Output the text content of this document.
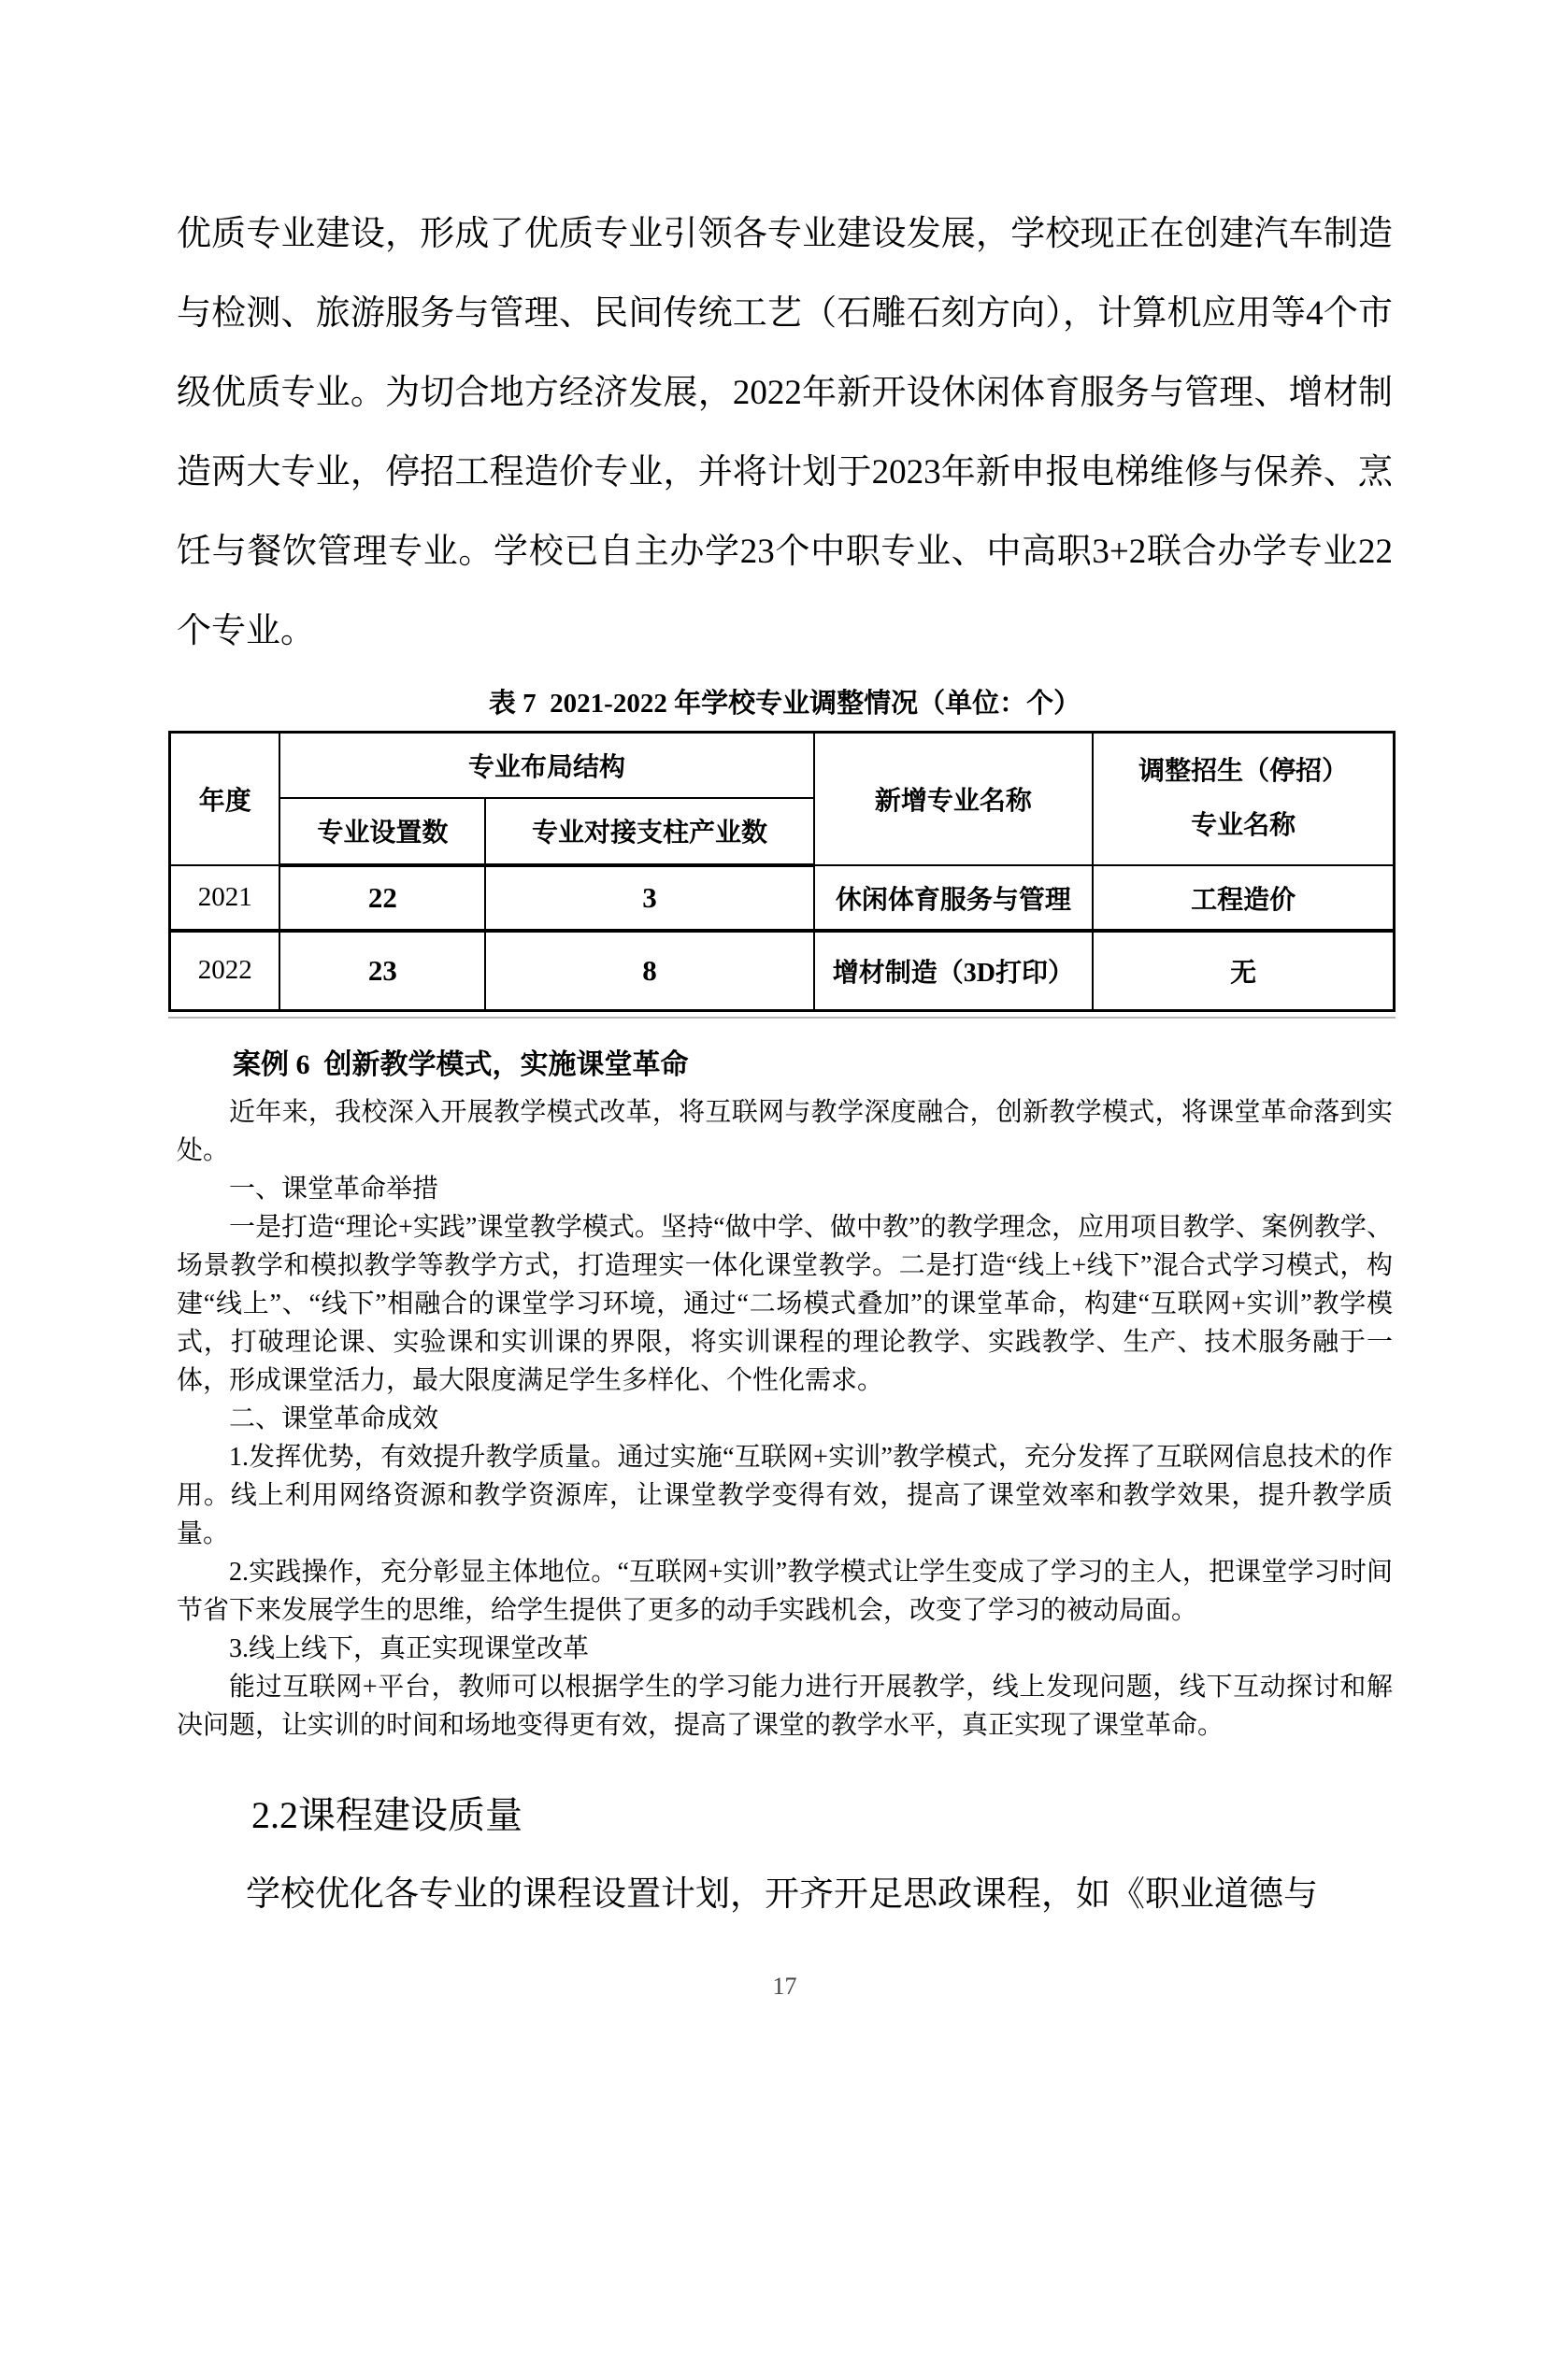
优质专业建设，形成了优质专业引领各专业建设发展，学校现正在创建汽车制造与检测、旅游服务与管理、民间传统工艺（石雕石刻方向），计算机应用等4个市级优质专业。为切合地方经济发展，2022年新开设休闲体育服务与管理、增材制造两大专业，停招工程造价专业，并将计划于2023年新申报电梯维修与保养、烹饪与餐饮管理专业。学校已自主办学23个中职专业、中高职3+2联合办学专业22个专业。

表 7  2021-2022 年学校专业调整情况（单位：个）

年度	专业布局结构		新增专业名称	调整招生（停招）
专业名称

	专业设置数	专业对接支柱产业数		
2021	22	3	休闲体育服务与管理	工程造价
2022	23	8	增材制造（3D打印）	无
案例 6  创新教学模式，实施课堂革命

近年来，我校深入开展教学模式改革，将互联网与教学深度融合，创新教学模式，将课堂革命落到实处。

一、课堂革命举措

一是打造“理论+实践”课堂教学模式。坚持“做中学、做中教”的教学理念，应用项目教学、案例教学、场景教学和模拟教学等教学方式，打造理实一体化课堂教学。二是打造“线上+线下”混合式学习模式，构建“线上”、“线下”相融合的课堂学习环境，通过“二场模式叠加”的课堂革命，构建“互联网+实训”教学模式，打破理论课、实验课和实训课的界限，将实训课程的理论教学、实践教学、生产、技术服务融于一体，形成课堂活力，最大限度满足学生多样化、个性化需求。

二、课堂革命成效

1.发挥优势，有效提升教学质量。通过实施“互联网+实训”教学模式，充分发挥了互联网信息技术的作用。线上利用网络资源和教学资源库，让课堂教学变得有效，提高了课堂效率和教学效果，提升教学质量。

2.实践操作，充分彰显主体地位。“互联网+实训”教学模式让学生变成了学习的主人，把课堂学习时间节省下来发展学生的思维，给学生提供了更多的动手实践机会，改变了学习的被动局面。

3.线上线下，真正实现课堂改革

能过互联网+平台，教师可以根据学生的学习能力进行开展教学，线上发现问题，线下互动探讨和解决问题，让实训的时间和场地变得更有效，提高了课堂的教学水平，真正实现了课堂革命。

2.2课程建设质量

学校优化各专业的课程设置计划，开齐开足思政课程，如《职业道德与

17
